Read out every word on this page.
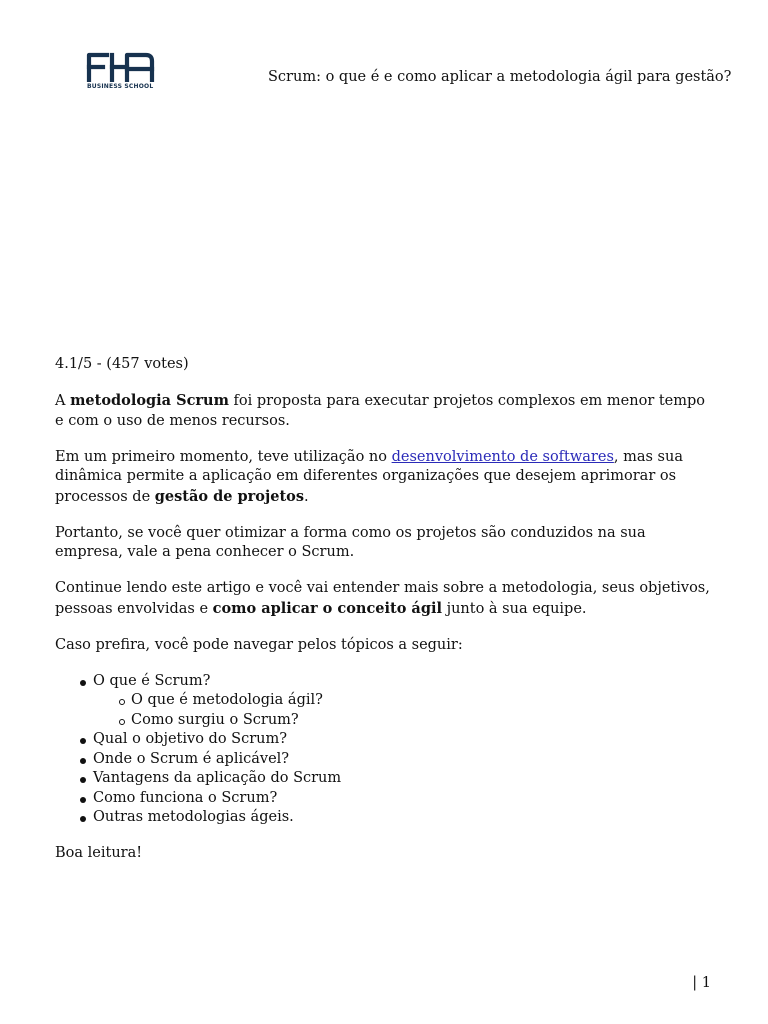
BUSINESS SCHOOL
Scrum: o que é e como aplicar a metodologia ágil para gestão?

4.1/5 - (457 votes)

A metodologia Scrum foi proposta para executar projetos complexos em menor tempo e com o uso de menos recursos.

Em um primeiro momento, teve utilização no desenvolvimento de softwares, mas sua dinâmica permite a aplicação em diferentes organizações que desejem aprimorar os processos de gestão de projetos.

Portanto, se você quer otimizar a forma como os projetos são conduzidos na sua empresa, vale a pena conhecer o Scrum.

Continue lendo este artigo e você vai entender mais sobre a metodologia, seus objetivos, pessoas envolvidas e como aplicar o conceito ágil junto à sua equipe.

Caso prefira, você pode navegar pelos tópicos a seguir:

O que é Scrum?
O que é metodologia ágil?
Como surgiu o Scrum?
Qual o objetivo do Scrum?
Onde o Scrum é aplicável?
Vantagens da aplicação do Scrum
Como funciona o Scrum?
Outras metodologias ágeis.

Boa leitura!

| 1
